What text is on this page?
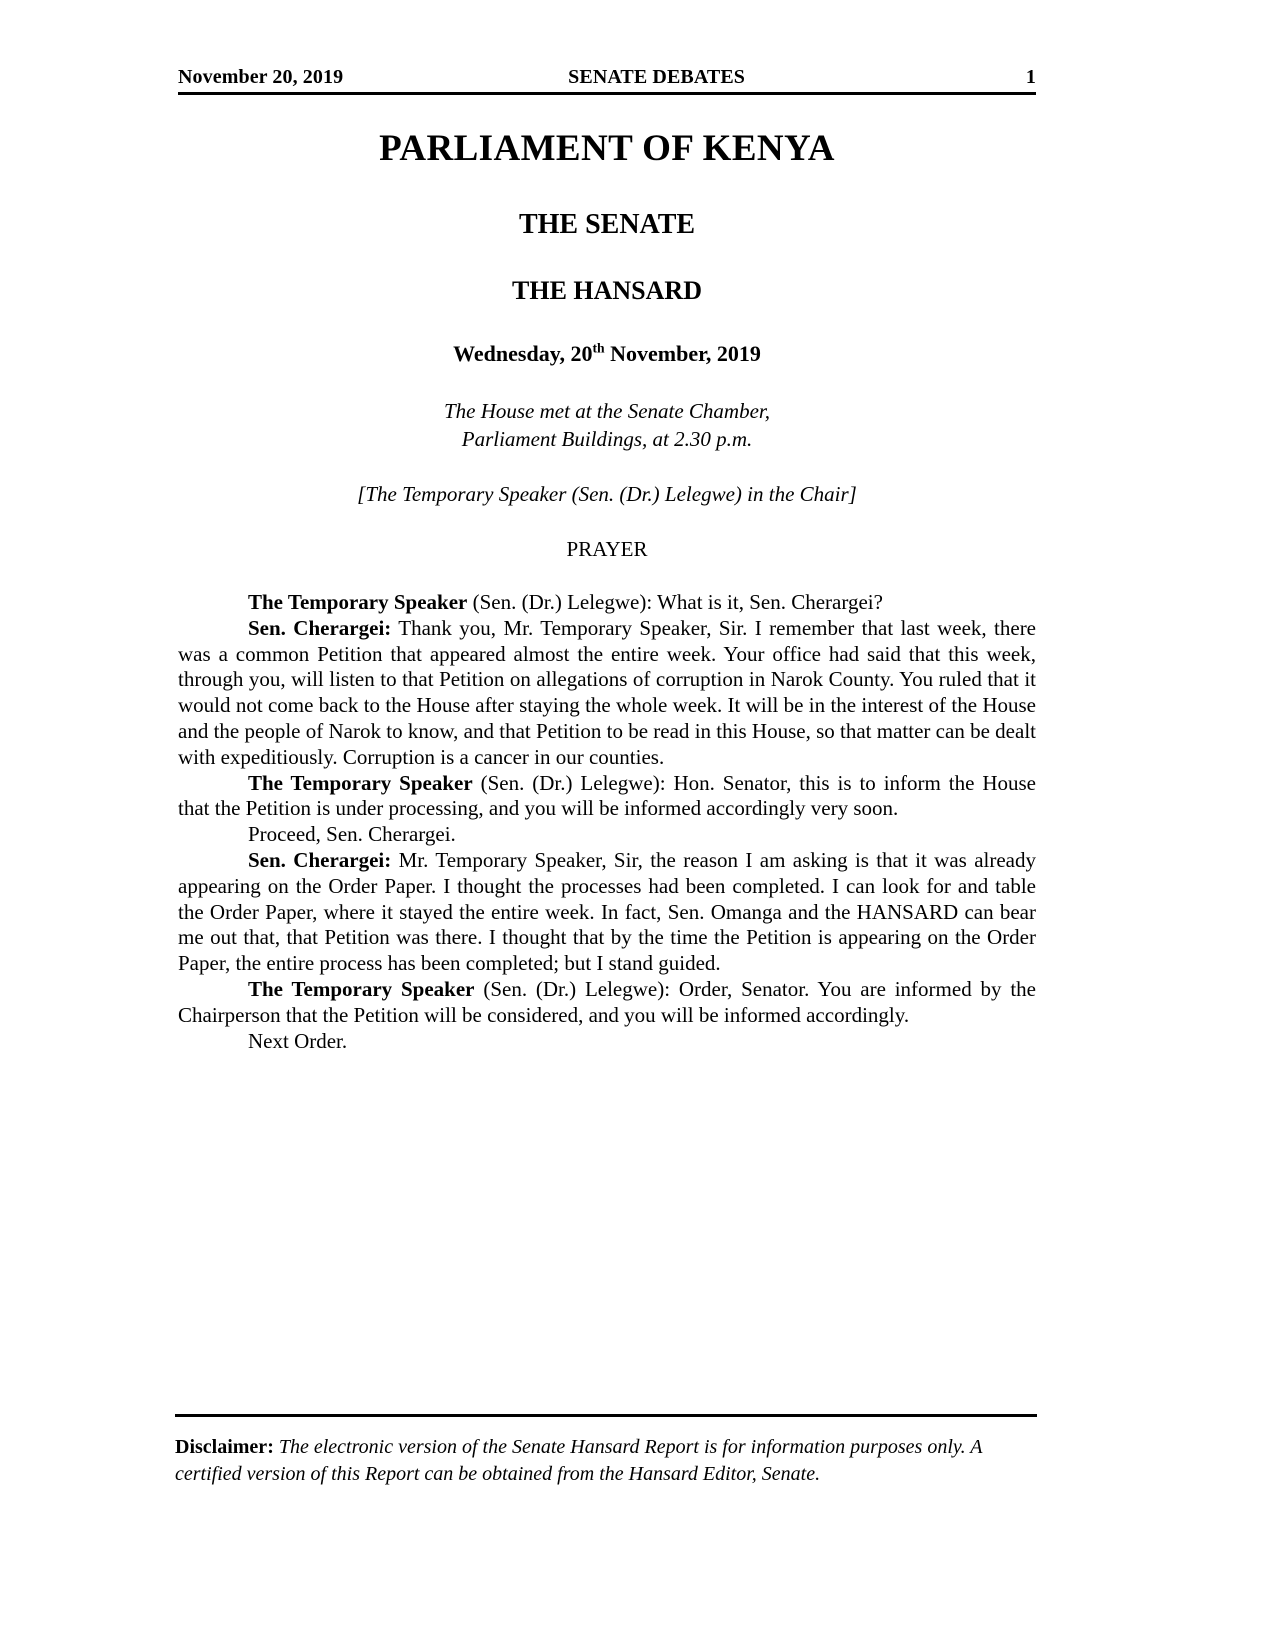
November 20, 2019	SENATE DEBATES	1
PARLIAMENT OF KENYA
THE SENATE
THE HANSARD

Wednesday, 20th November, 2019

The House met at the Senate Chamber,
Parliament Buildings, at 2.30 p.m.

[The Temporary Speaker (Sen. (Dr.) Lelegwe) in the Chair]

PRAYER

The Temporary Speaker (Sen. (Dr.) Lelegwe): What is it, Sen. Cherargei?

Sen. Cherargei: Thank you, Mr. Temporary Speaker, Sir. I remember that last week, there was a common Petition that appeared almost the entire week. Your office had said that this week, through you, will listen to that Petition on allegations of corruption in Narok County. You ruled that it would not come back to the House after staying the whole week. It will be in the interest of the House and the people of Narok to know, and that Petition to be read in this House, so that matter can be dealt with expeditiously. Corruption is a cancer in our counties.

The Temporary Speaker (Sen. (Dr.) Lelegwe): Hon. Senator, this is to inform the House that the Petition is under processing, and you will be informed accordingly very soon.

Proceed, Sen. Cherargei.

Sen. Cherargei: Mr. Temporary Speaker, Sir, the reason I am asking is that it was already appearing on the Order Paper. I thought the processes had been completed. I can look for and table the Order Paper, where it stayed the entire week. In fact, Sen. Omanga and the HANSARD can bear me out that, that Petition was there. I thought that by the time the Petition is appearing on the Order Paper, the entire process has been completed; but I stand guided.

The Temporary Speaker (Sen. (Dr.) Lelegwe): Order, Senator. You are informed by the Chairperson that the Petition will be considered, and you will be informed accordingly.

Next Order.

Disclaimer: The electronic version of the Senate Hansard Report is for information purposes only. A certified version of this Report can be obtained from the Hansard Editor, Senate.
